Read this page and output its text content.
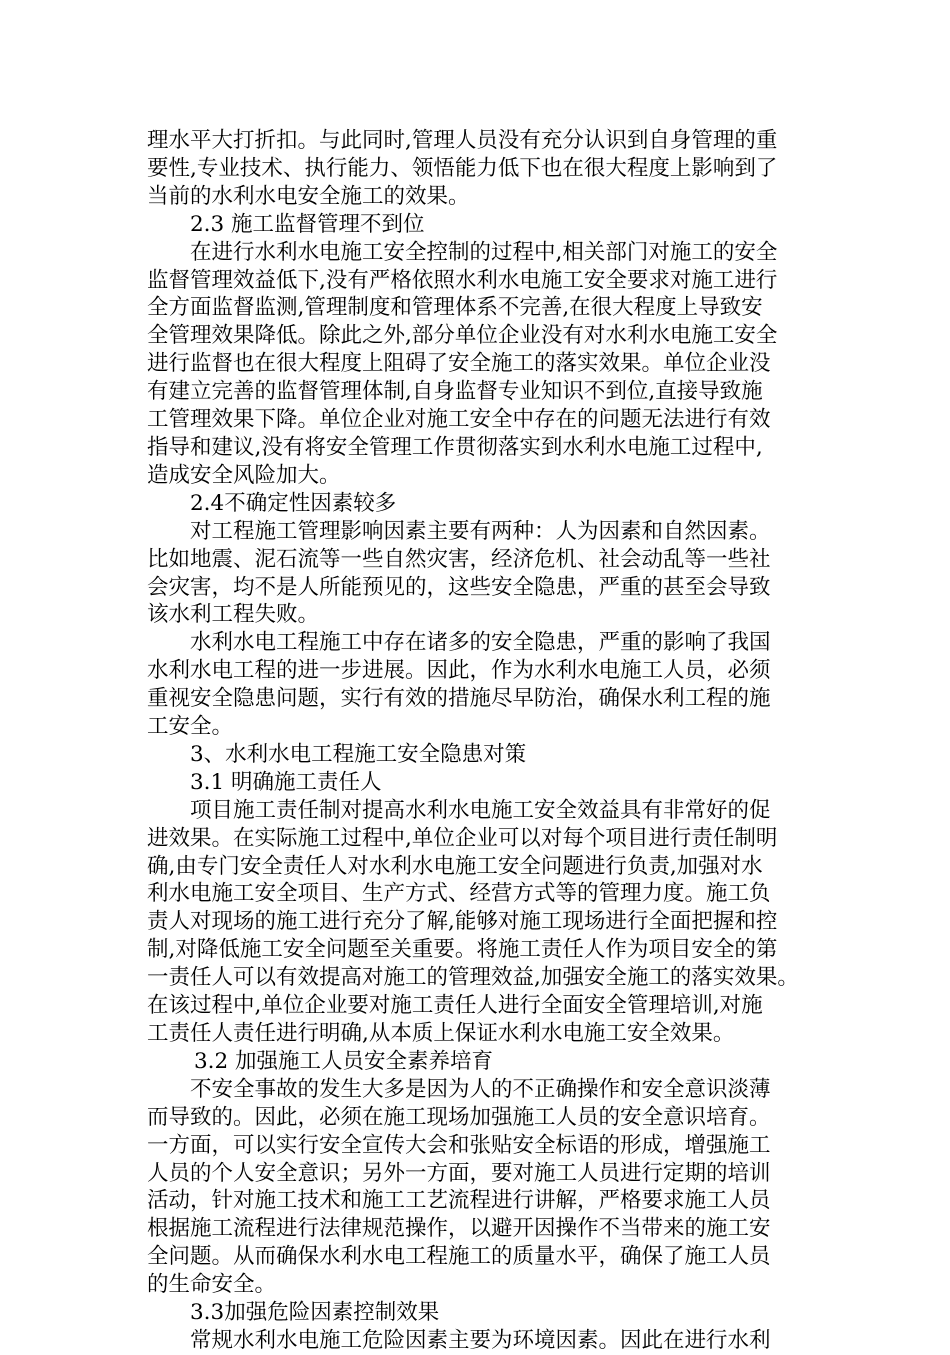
理水平大打折扣。与此同时,管理人员没有充分认识到自身管理的重
要性,专业技术、执行能力、领悟能力低下也在很大程度上影响到了
当前的水利水电安全施工的效果。

2.3 施工监督管理不到位

在进行水利水电施工安全控制的过程中,相关部门对施工的安全
监督管理效益低下,没有严格依照水利水电施工安全要求对施工进行
全方面监督监测,管理制度和管理体系不完善,在很大程度上导致安
全管理效果降低。除此之外,部分单位企业没有对水利水电施工安全
进行监督也在很大程度上阻碍了安全施工的落实效果。单位企业没
有建立完善的监督管理体制,自身监督专业知识不到位,直接导致施
工管理效果下降。单位企业对施工安全中存在的问题无法进行有效
指导和建议,没有将安全管理工作贯彻落实到水利水电施工过程中,
造成安全风险加大。

2.4不确定性因素较多

对工程施工管理影响因素主要有两种：人为因素和自然因素。
比如地震、泥石流等一些自然灾害，经济危机、社会动乱等一些社
会灾害，均不是人所能预见的，这些安全隐患，严重的甚至会导致
该水利工程失败。

水利水电工程施工中存在诸多的安全隐患，严重的影响了我国
水利水电工程的进一步进展。因此，作为水利水电施工人员，必须
重视安全隐患问题，实行有效的措施尽早防治，确保水利工程的施
工安全。

3、水利水电工程施工安全隐患对策

3.1 明确施工责任人

项目施工责任制对提高水利水电施工安全效益具有非常好的促
进效果。在实际施工过程中,单位企业可以对每个项目进行责任制明
确,由专门安全责任人对水利水电施工安全问题进行负责,加强对水
利水电施工安全项目、生产方式、经营方式等的管理力度。施工负
责人对现场的施工进行充分了解,能够对施工现场进行全面把握和控
制,对降低施工安全问题至关重要。将施工责任人作为项目安全的第
一责任人可以有效提高对施工的管理效益,加强安全施工的落实效果。
在该过程中,单位企业要对施工责任人进行全面安全管理培训,对施
工责任人责任进行明确,从本质上保证水利水电施工安全效果。

3.2 加强施工人员安全素养培育

不安全事故的发生大多是因为人的不正确操作和安全意识淡薄
而导致的。因此，必须在施工现场加强施工人员的安全意识培育。
一方面，可以实行安全宣传大会和张贴安全标语的形成，增强施工
人员的个人安全意识；另外一方面，要对施工人员进行定期的培训
活动，针对施工技术和施工工艺流程进行讲解，严格要求施工人员
根据施工流程进行法律规范操作，以避开因操作不当带来的施工安
全问题。从而确保水利水电工程施工的质量水平，确保了施工人员
的生命安全。

3.3加强危险因素控制效果

常规水利水电施工危险因素主要为环境因素。因此在进行水利
